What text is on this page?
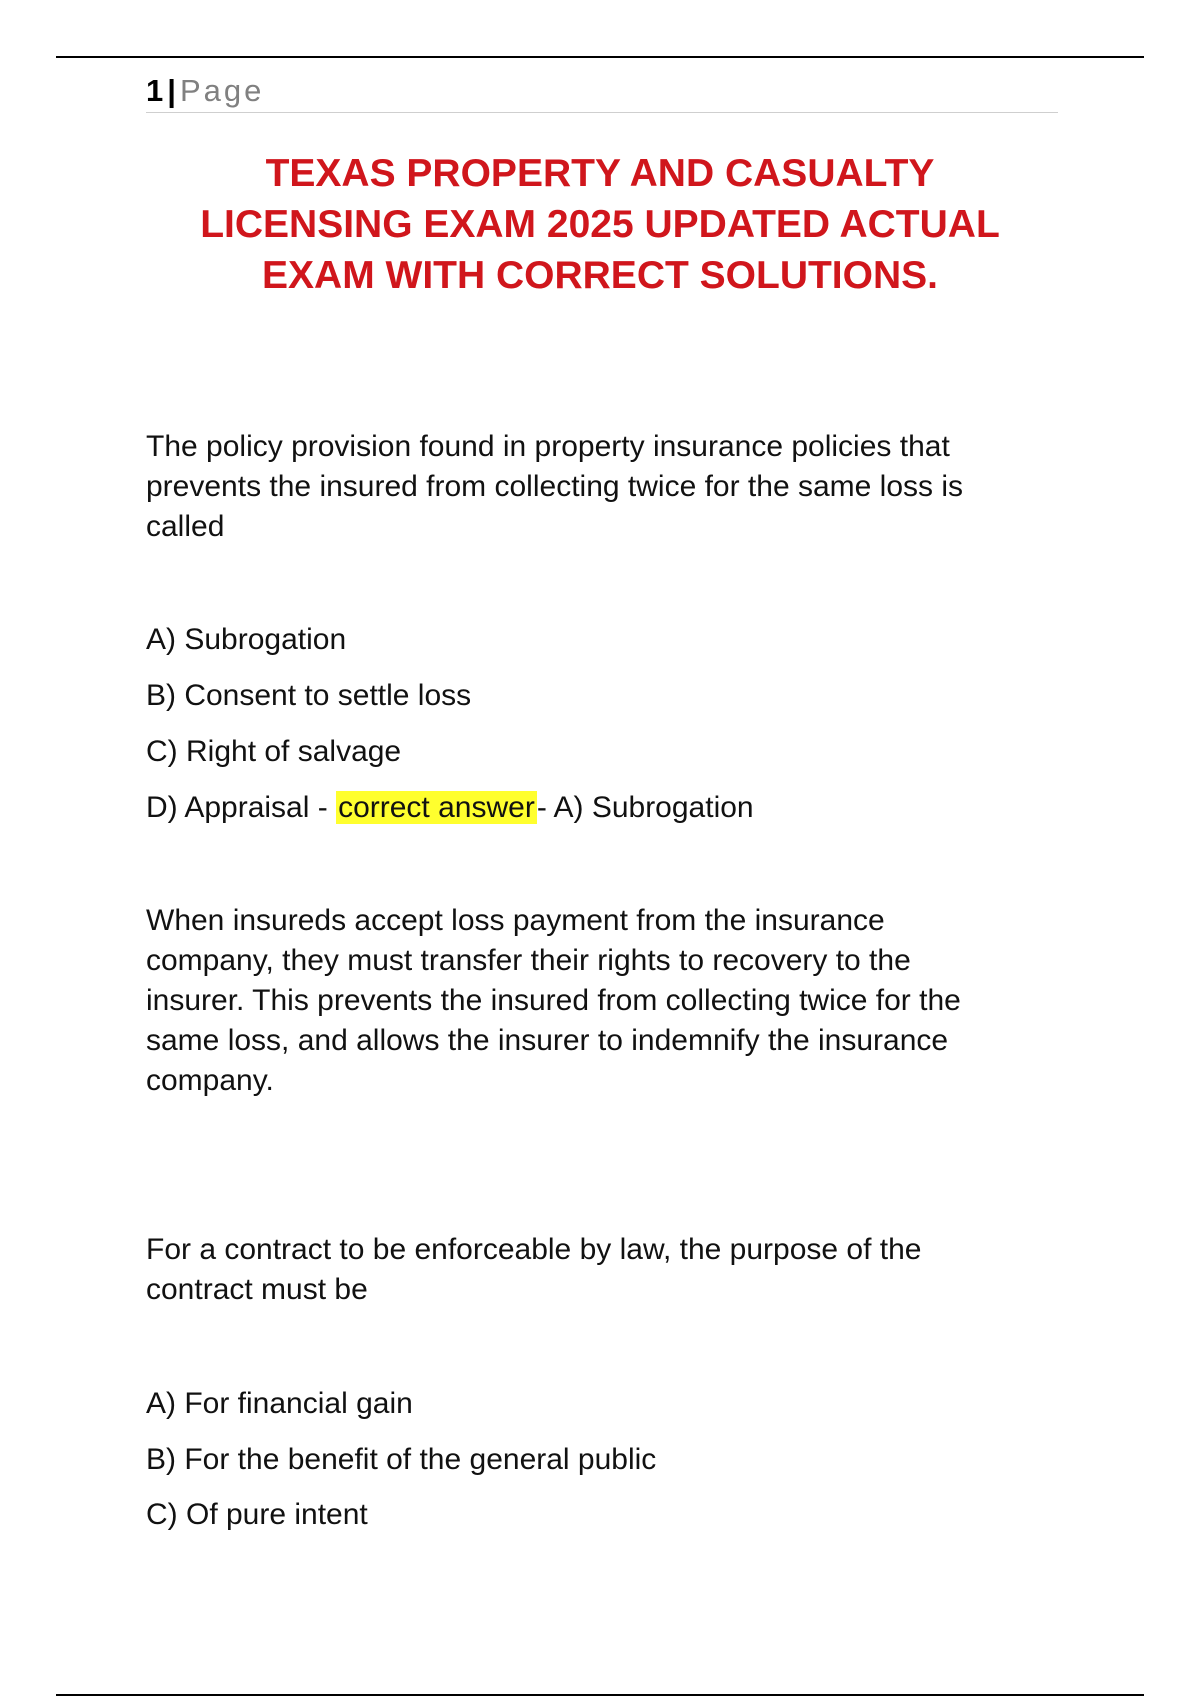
1 | Page
TEXAS PROPERTY AND CASUALTY
LICENSING EXAM 2025 UPDATED ACTUAL
EXAM WITH CORRECT SOLUTIONS.
The policy provision found in property insurance policies that
prevents the insured from collecting twice for the same loss is
called
A) Subrogation
B) Consent to settle loss
C) Right of salvage
D) Appraisal - correct answer- A) Subrogation
When insureds accept loss payment from the insurance
company, they must transfer their rights to recovery to the
insurer. This prevents the insured from collecting twice for the
same loss, and allows the insurer to indemnify the insurance
company.
For a contract to be enforceable by law, the purpose of the
contract must be
A) For financial gain
B) For the benefit of the general public
C) Of pure intent
